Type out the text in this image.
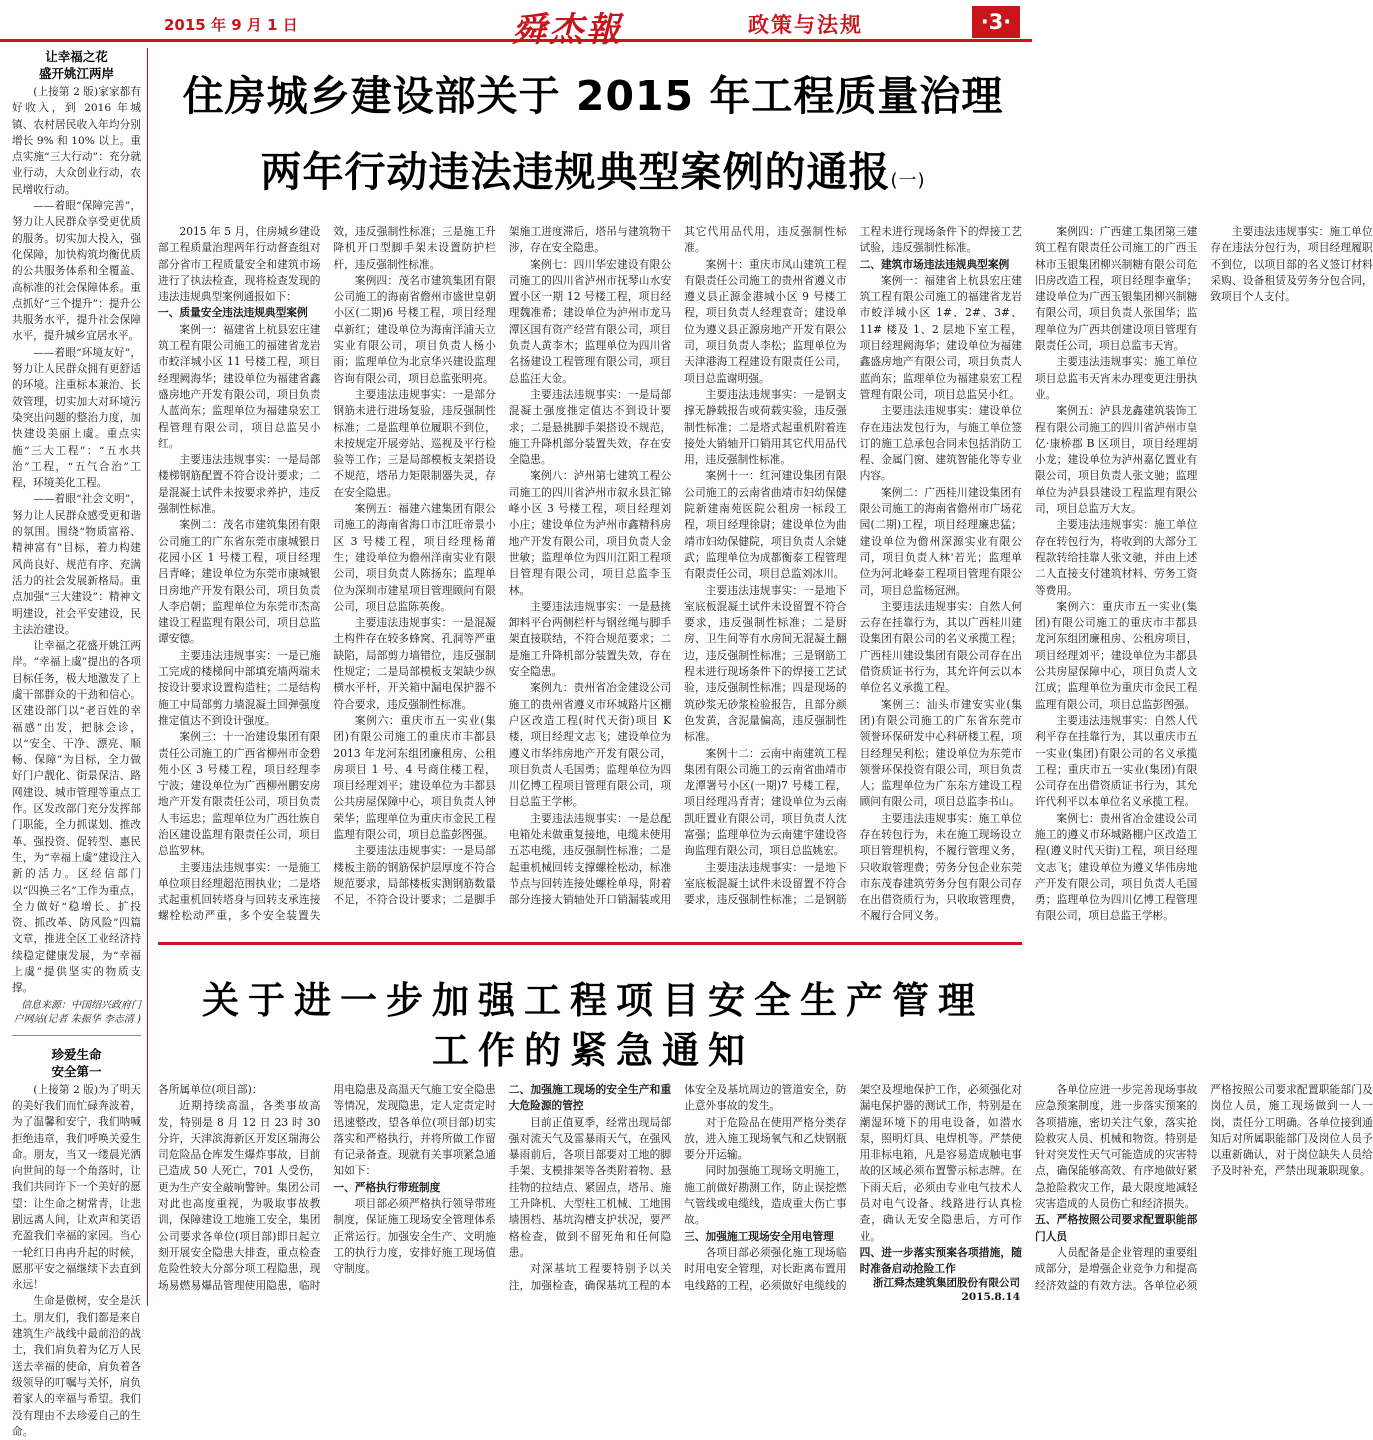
2015 年 9 月 1 日	舜杰報	政策与法规	·3·
让幸福之花
盛开姚江两岸

(上接第 2 版)家家都有好收入，到 2016 年城镇、农村居民收入年均分别增长 9% 和 10% 以上。重点实施“三大行动”：充分就业行动，大众创业行动，农民增收行动。

——着眼“保障完善”，努力让人民群众享受更优质的服务。切实加大投入，强化保障，加快构筑均衡优质的公共服务体系和全覆盖、高标准的社会保障体系。重点抓好“三个提升”：提升公共服务水平，提升社会保障水平，提升城乡宜居水平。

——着眼“环境友好”，努力让人民群众拥有更舒适的环境。注重标本兼治、长效管理，切实加大对环境污染突出问题的整治力度，加快建设美丽上虞。重点实施“三大工程”：“五水共治”工程，“五气合治”工程，环境美化工程。

——着眼“社会文明”，努力让人民群众感受更和谐的氛围。围绕“物质富裕、精神富有”目标，着力构建风尚良好、规范有序、充满活力的社会发展新格局。重点加强“三大建设”：精神文明建设，社会平安建设，民主法治建设。

让幸福之花盛开姚江两岸。“幸福上虞”提出的各项目标任务，极大地激发了上虞干部群众的干劲和信心。区建设部门以“老百姓的幸福感”出发，把脉会诊，以“安全、干净、漂亮、顺畅、保障”为目标，全力做好门户靓化、街景保洁、路网建设、城市管理等重点工作。区发改部门充分发挥部门职能，全力抓谋划、推改革、强投资、促转型、惠民生，为“幸福上虞”建设注入新的活力。区经信部门以“四换三名”工作为重点，全力做好“稳增长、扩投资、抓改革、防风险”四篇文章，推进全区工业经济持续稳定健康发展，为“幸福上虞”提供坚实的物质支撑。

信息来源：中国绍兴政府门户网站(记者 朱振华 李志清 )
珍爱生命
安全第一

(上接第 2 版)为了明天的美好我们而忙碌奔波着，为了温馨和安宁，我们呐喊拒绝违章，我们呼唤关爱生命。朋友，当又一缕晨光洒向世间的每一个角落时，让我们共同许下一个美好的愿望：让生命之树常青，让悲剧远离人间，让欢声和笑语充盈我们幸福的家园。当心一轮红日冉冉升起的时候，愿那平安之福继续下去直到永远！

生命是傲树，安全是沃土。朋友们，我们都是来自建筑生产战线中最前沿的战士，我们肩负着为亿万人民送去幸福的使命，肩负着各级领导的叮嘱与关怀，肩负着家人的幸福与希望。我们没有理由不去珍爱自己的生命。

住房城乡建设部关于 2015 年工程质量治理
两年行动违法违规典型案例的通报(一)

2015 年 5 月，住房城乡建设部工程质量治理两年行动督查组对部分省市工程质量安全和建筑市场进行了执法检查，现将检查发现的违法违规典型案例通报如下：

一、质量安全违法违规典型案例

案例一：福建省上杭县宏庄建筑工程有限公司施工的福建省龙岩市蛟洋城小区 11 号楼工程，项目经理阙海华；建设单位为福建省鑫盛房地产开发有限公司，项目负责人蓝尚东；监理单位为福建泉宏工程管理有限公司，项目总监吴小红。

主要违法违规事实：一是局部楼梯钢筋配置不符合设计要求；二是混凝土试件未按要求养护，违反强制性标准。

案例二：茂名市建筑集团有限公司施工的广东省东莞市康城银日花园小区 1 号楼工程，项目经理吕青峰；建设单位为东莞市康城银日房地产开发有限公司，项目负责人李启朝；监理单位为东莞市杰高建设工程监理有限公司，项目总监谭安德。

主要违法违规事实：一是已施工完成的楼梯间中部填充墙两端未按设计要求设置构造柱；二是结构施工中局部剪力墙混凝土回弹强度推定值达不到设计强度。

案例三：十一冶建设集团有限责任公司施工的广西省柳州市金碧苑小区 3 号楼工程，项目经理李宁波；建设单位为广西柳州鹏安房地产开发有限责任公司，项目负责人韦运忠；监理单位为广西壮族自治区建设监理有限责任公司，项目总监罗林。

主要违法违规事实：一是施工单位项目经理超范围执业；二是塔式起重机回转塔身与回转支承连接螺栓松动严重，多个安全装置失效，违反强制性标准；三是施工升降机开口型脚手架未设置防护栏杆，违反强制性标准。

案例四：茂名市建筑集团有限公司施工的海南省儋州市盛世皇朝小区(二期)6 号楼工程，项目经理卓新红；建设单位为海南洋浦天立实业有限公司，项目负责人杨小雨；监理单位为北京华兴建设监理咨询有限公司，项目总监张明亮。

主要违法违规事实：一是部分钢筋未进行进场复验，违反强制性标准；二是监理单位履职不到位，未按规定开展旁站、巡视及平行检验等工作；三是局部模板支架搭设不规范，塔吊力矩限制器失灵，存在安全隐患。

案例五：福建六建集团有限公司施工的海南省海口市江旺帝景小区 3 号楼工程，项目经理杨莆生；建设单位为儋州洋南实业有限公司，项目负责人陈扬东；监理单位为深圳市建星项目管理顾问有限公司，项目总监陈英俊。

主要违法违规事实：一是混凝土构件存在较多蜂窝、孔洞等严重缺陷，局部剪力墙错位，违反强制性规定；二是局部模板支架缺少纵横水平杆，开关箱中漏电保护器不符合要求，违反强制性标准。

案例六：重庆市五一实业(集团)有限公司施工的重庆市丰都县 2013 年龙河东组团廉租房、公租房项目 1 号、4 号商住楼工程，项目经理刘平；建设单位为丰都县公共房屋保障中心，项目负责人钟荣华；监理单位为重庆市金民工程监理有限公司，项目总监彭图强。

主要违法违规事实：一是局部楼板主筋的钢筋保护层厚度不符合规范要求，局部楼板实测钢筋数量不足，不符合设计要求；二是脚手架施工进度滞后，塔吊与建筑物干涉，存在安全隐患。

案例七：四川华宏建设有限公司施工的四川省泸州市抚琴山水安置小区一期 12 号楼工程，项目经理魏准希；建设单位为泸州市龙马潭区国有资产经营有限公司，项目负责人黄李木；监理单位为四川省名扬建设工程管理有限公司，项目总监汪大金。

主要违法违规事实：一是局部混凝土强度推定值达不到设计要求；二是悬挑脚手架搭设不规范，施工升降机部分装置失效，存在安全隐患。

案例八：泸州第七建筑工程公司施工的四川省泸州市叙永县汇锦峰小区 3 号楼工程，项目经理刘小庄；建设单位为泸州市鑫精科房地产开发有限公司，项目负责人金世敏；监理单位为四川江阳工程项目管理有限公司，项目总监李玉林。

主要违法违规事实：一是悬挑卸料平台两侧栏杆与钢丝绳与脚手架直接联结，不符合规范要求；二是施工升降机部分装置失效，存在安全隐患。

案例九：贵州省冶金建设公司施工的贵州省遵义市环城路片区棚户区改造工程(时代天街)项目 K 楼，项目经理文志飞；建设单位为遵义市华纬房地产开发有限公司，项目负责人毛国勇；监理单位为四川亿博工程项目管理有限公司，项目总监王学彬。

主要违法违规事实：一是总配电箱处未做重复接地，电缆未使用五芯电缆，违反强制性标准；二是起重机械回转支撑螺栓松动，标准节点与回转连接处螺栓单母，附着部分连接大销轴处开口销漏装或用其它代用品代用，违反强制性标准。

案例十：重庆市凤山建筑工程有限责任公司施工的贵州省遵义市遵义县正源金港城小区 9 号楼工程，项目负责人经理袁奇；建设单位为遵义县正源房地产开发有限公司，项目负责人李松；监理单位为天津港海工程建设有限责任公司，项目总监谢明强。

主要违法违规事实：一是钢支撑无静载报告或荷载实验，违反强制性标准；二是塔式起重机附着连接处大销轴开口销用其它代用品代用，违反强制性标准。

案例十一：红河建设集团有限公司施工的云南省曲靖市妇幼保健院新建南苑医院公租房一标段工程，项目经理徐尉；建设单位为曲靖市妇幼保健院，项目负责人余婕武；监理单位为成都衡泰工程管理有限责任公司，项目总监刘冰川。

主要违法违规事实：一是地下室底板混凝土试件未设留置不符合要求，违反强制性标准；二是厨房、卫生间等有水房间无混凝土翻边，违反强制性标准；三是钢筋工程未进行现场条件下的焊接工艺试验，违反强制性标准；四是现场的筑砂浆无砂浆检验报告，且部分颜色发黄，含泥量偏高，违反强制性标准。

案例十二：云南中南建筑工程集团有限公司施工的云南省曲靖市龙潭署号小区(一期)7 号楼工程，项目经理冯青青；建设单位为云南凯旺置业有限公司，项目负责人沈富强；监理单位为云南建宇建设咨询监理有限公司，项目总监姚宏。

主要违法违规事实：一是地下室底板混凝土试件未设留置不符合要求，违反强制性标准；二是钢筋工程未进行现场条件下的焊接工艺试验，违反强制性标准。

二、建筑市场违法违规典型案例

案例一：福建省上杭县宏庄建筑工程有限公司施工的福建省龙岩市蛟洋城小区 1#、2#、3#、11# 楼及 1、2 层地下室工程，项目经理阙海华；建设单位为福建鑫盛房地产有限公司，项目负责人蓝尚东；监理单位为福建泉宏工程管理有限公司，项目总监吴小红。

主要违法违规事实：建设单位存在违法发包行为，与施工单位签订的施工总承包合同未包括消防工程、金属门窗、建筑智能化等专业内容。

案例二：广西桂川建设集团有限公司施工的海南省儋州市广场花园(二期)工程，项目经理廉忠猛；建设单位为儋州深源实业有限公司，项目负责人林'若光；监理单位为河北峰泰工程项目管理有限公司，项目总监杨冠洲。

主要违法违规事实：自然人何云存在挂靠行为，其以广西桂川建设集团有限公司的名义承揽工程；广西桂川建设集团有限公司存在出借资质证书行为，其允许何云以本单位名义承揽工程。

案例三：汕头市建安实业(集团)有限公司施工的广东省东莞市领誉环保研发中心科研楼工程，项目经理吴利松；建设单位为东莞市领誉环保投资有限公司，项目负责人；监理单位为广东东方建设工程顾问有限公司，项目总监李书山。

主要违法违规事实：施工单位存在转包行为，未在施工现场设立项目管理机构，不履行管理义务，只收取管理费；劳务分包企业东莞市东茂春建筑劳务分包有限公司存在出借资质行为，只收取管理费，不履行合同义务。

案例四：广西建工集团第三建筑工程有限责任公司施工的广西玉林市玉银集团柳兴制糖有限公司危旧房改造工程，项目经理李童华；建设单位为广西玉银集团柳兴制糖有限公司，项目负责人张国华；监理单位为广西共创建设项目管理有限责任公司，项目总监韦天宵。

主要违法违规事实：施工单位项目总监韦天宵未办理变更注册执业。

案例五：泸县龙鑫建筑装饰工程有限公司施工的四川省泸州市皇亿·康桥郡 B 区项目，项目经理胡小龙；建设单位为泸州嘉亿置业有限公司，项目负责人张文驰；监理单位为泸县县建设工程监理有限公司，项目总监万大友。

主要违法违规事实：施工单位存在转包行为，将收到的大部分工程款转给挂靠人张文驰，并由上述二人直接支付建筑材料、劳务工资等费用。

案例六：重庆市五一实业(集团)有限公司施工的重庆市丰都县龙河东组团廉租房、公租房项目，项目经理刘平；建设单位为丰都县公共房屋保障中心，项目负责人文江成；监理单位为重庆市金民工程监理有限公司，项目总监彭图强。

主要违法违规事实：自然人代利平存在挂靠行为，其以重庆市五一实业(集团)有限公司的名义承揽工程；重庆市五一实业(集团)有限公司存在出借资质证书行为，其允许代利平以本单位名义承揽工程。

案例七：贵州省冶金建设公司施工的遵义市环城路棚户区改造工程(遵义时代天街)工程，项目经理文志飞；建设单位为遵义华伟房地产开发有限公司，项目负责人毛国勇；监理单位为四川亿博工程管理有限公司，项目总监王学彬。

主要违法违规事实：施工单位存在违法分包行为，项目经理履职不到位，以项目部的名义签订材料采购、设备租赁及劳务分包合同，致项目个人支付。

关于进一步加强工程项目安全生产管理
工作的紧急通知

各所属单位(项目部)：

近期持续高温，各类事故高发，特别是 8 月 12 日 23 时 30 分许，天津滨海新区开发区瑞海公司危险品仓库发生爆炸事故，目前已造成 50 人死亡，701 人受伤，更为生产安全敲响警钟。集团公司对此也高度重视，为吸取事故教训，保障建设工地施工安全，集团公司要求各单位(项目部)即日起立刻开展安全隐患大排查，重点检查危险性较大分部分项工程隐患，现场易燃易爆品管理使用隐患，临时用电隐患及高温天气施工安全隐患等情况，发现隐患，定人定责定时迅速整改，望各单位(项目部)切实落实和严格执行，并将所做工作留有记录备查。现就有关事项紧急通知如下：

一、严格执行带班制度

项目部必须严格执行领导带班制度，保证施工现场安全管理体系正常运行。加强安全生产、文明施工的执行力度，安排好施工现场值守制度。

二、加强施工现场的安全生产和重大危险源的管控

目前正值夏季，经常出现局部强对流天气及雷暴雨天气，在强风暴雨前后，各项目部要对工地的脚手架、支模排架等各类附着物、悬挂物的拉结点、紧固点，塔吊、施工升降机、大型柱工机械、工地围墙围档、基坑沟槽支护状况，要严格检查，做到不留死角和任何隐患。

对深基坑工程要特别予以关注，加强检查，确保基坑工程的本体安全及基坑周边的管道安全，防止意外事故的发生。

对于危险品在使用严格分类存放，进入施工现场氧气和乙炔钢瓶要分开运输。

同时加强施工现场文明施工，施工前做好勘测工作，防止误挖燃气管线或电缆线，造成重大伤亡事故。

三、加强施工现场安全用电管理

各项目部必须强化施工现场临时用电安全管理，对长距离布置用电线路的工程，必须做好电缆线的架空及埋地保护工作，必须强化对漏电保护器的测试工作，特别是在潮湿环境下的用电设备，如潜水泵，照明灯具、电焊机等。严禁使用非标电箱，凡是容易造成触电事故的区域必须布置警示标志牌。在下雨天后，必须由专业电气技术人员对电气设备、线路进行认真检查，确认无安全隐患后，方可作业。

四、进一步落实预案各项措施，随时准备启动抢险工作

各单位应进一步完善现场事故应急预案制度，进一步落实预案的各项措施，密切关注气象，落实抢险救灾人员、机械和物资。特别是针对突发性天气可能造成的灾害特点，确保能够高效、有序地做好紧急抢险救灾工作，最大限度地减轻灾害造成的人员伤亡和经济损失。

五、严格按照公司要求配置职能部门人员

人员配备是企业管理的重要组成部分，是增强企业竞争力和提高经济效益的有效方法。各单位必须严格按照公司要求配置职能部门及岗位人员，施工现场做到一人一岗，责任分工明确。各单位接到通知后对所属职能部门及岗位人员予以重新确认，对于岗位缺失人员给予及时补充，严禁出现兼职现象。

浙江舜杰建筑集团股份有限公司
2015.8.14
